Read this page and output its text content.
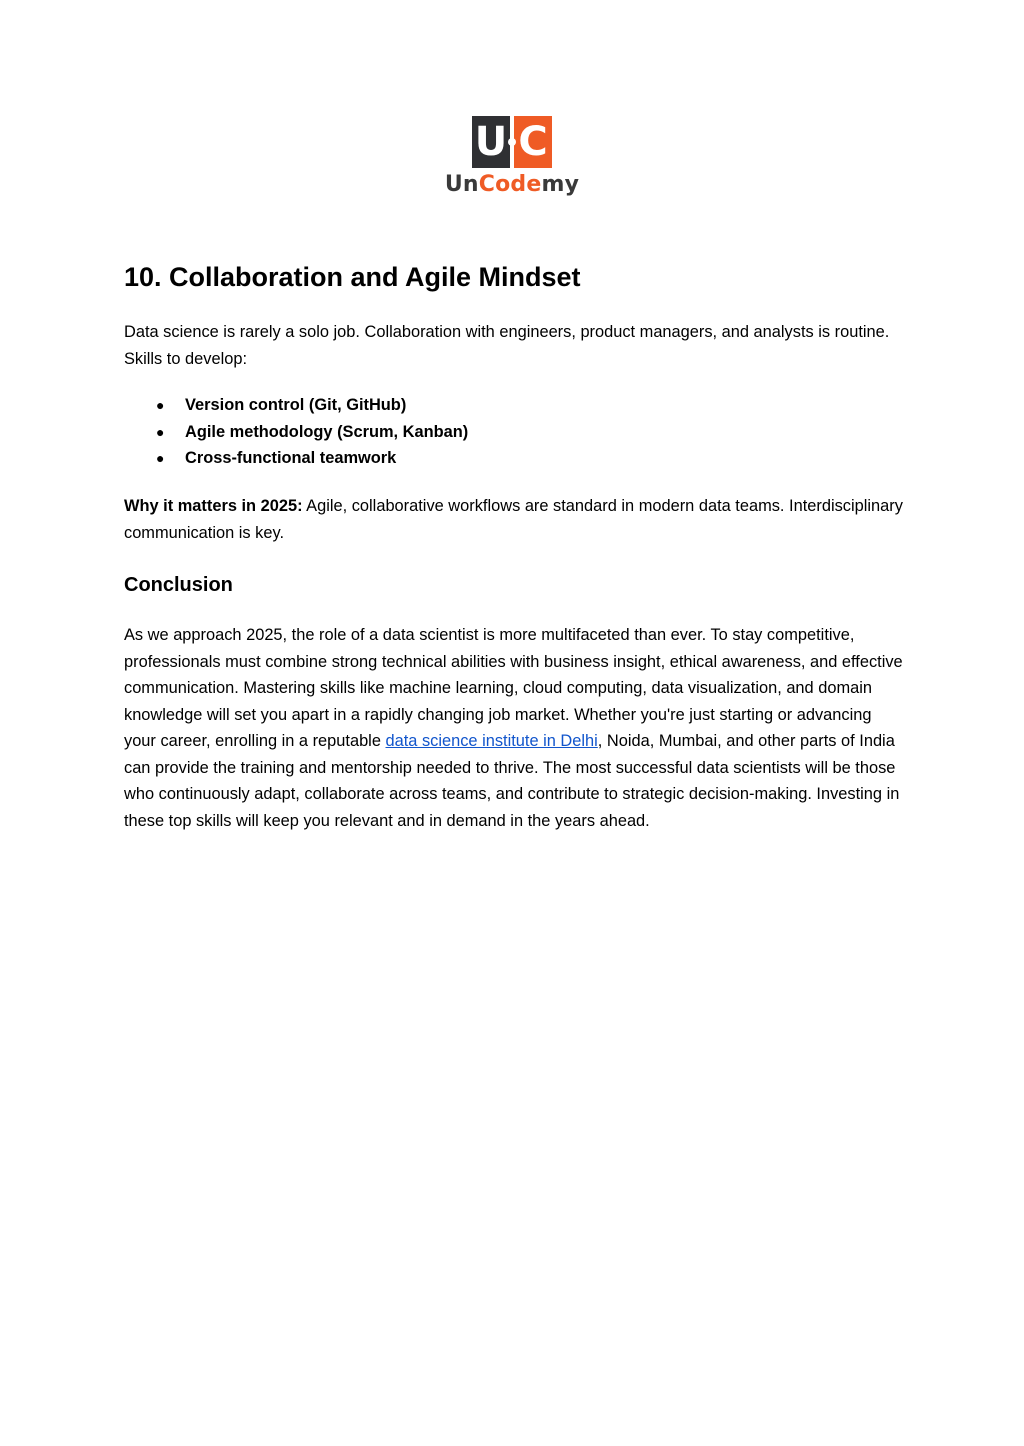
U C
UnCodemy
10. Collaboration and Agile Mindset

Data science is rarely a solo job. Collaboration with engineers, product managers, and analysts is routine. Skills to develop:

● Version control (Git, GitHub)
● Agile methodology (Scrum, Kanban)
● Cross-functional teamwork

Why it matters in 2025: Agile, collaborative workflows are standard in modern data teams. Interdisciplinary communication is key.

Conclusion

As we approach 2025, the role of a data scientist is more multifaceted than ever. To stay competitive, professionals must combine strong technical abilities with business insight, ethical awareness, and effective communication. Mastering skills like machine learning, cloud computing, data visualization, and domain knowledge will set you apart in a rapidly changing job market. Whether you're just starting or advancing your career, enrolling in a reputable data science institute in Delhi, Noida, Mumbai, and other parts of India can provide the training and mentorship needed to thrive. The most successful data scientists will be those who continuously adapt, collaborate across teams, and contribute to strategic decision-making. Investing in these top skills will keep you relevant and in demand in the years ahead.
